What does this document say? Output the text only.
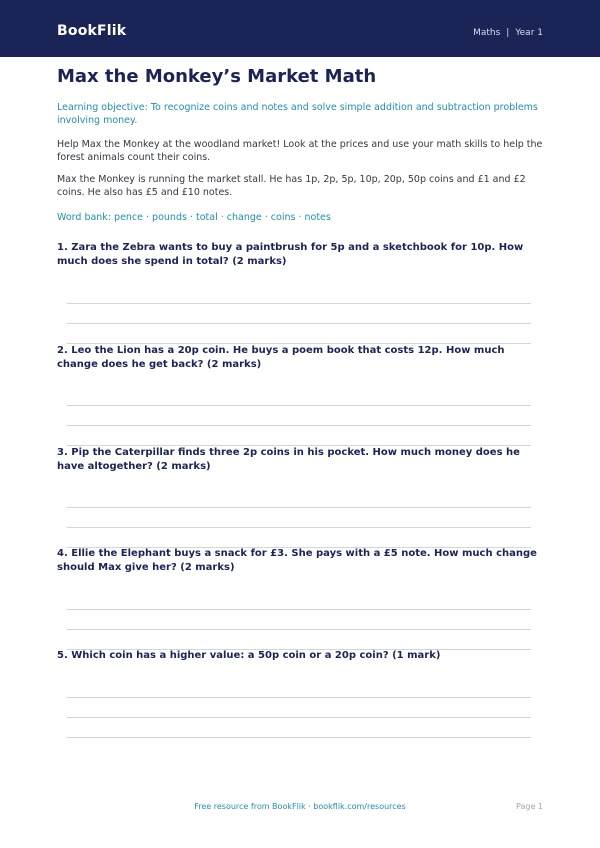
BookFlik	Maths | Year 1
Max the Monkey’s Market Math

Learning objective: To recognize coins and notes and solve simple addition and subtraction problems involving money.

Help Max the Monkey at the woodland market! Look at the prices and use your math skills to help the forest animals count their coins.

Max the Monkey is running the market stall. He has 1p, 2p, 5p, 10p, 20p, 50p coins and £1 and £2 coins. He also has £5 and £10 notes.

Word bank: pence · pounds · total · change · coins · notes

1. Zara the Zebra wants to buy a paintbrush for 5p and a sketchbook for 10p. How much does she spend in total? (2 marks)

2. Leo the Lion has a 20p coin. He buys a poem book that costs 12p. How much change does he get back? (2 marks)

3. Pip the Caterpillar finds three 2p coins in his pocket. How much money does he have altogether? (2 marks)

4. Ellie the Elephant buys a snack for £3. She pays with a £5 note. How much change should Max give her? (2 marks)

5. Which coin has a higher value: a 50p coin or a 20p coin? (1 mark)

Free resource from BookFlik · bookflik.com/resources	Page 1
